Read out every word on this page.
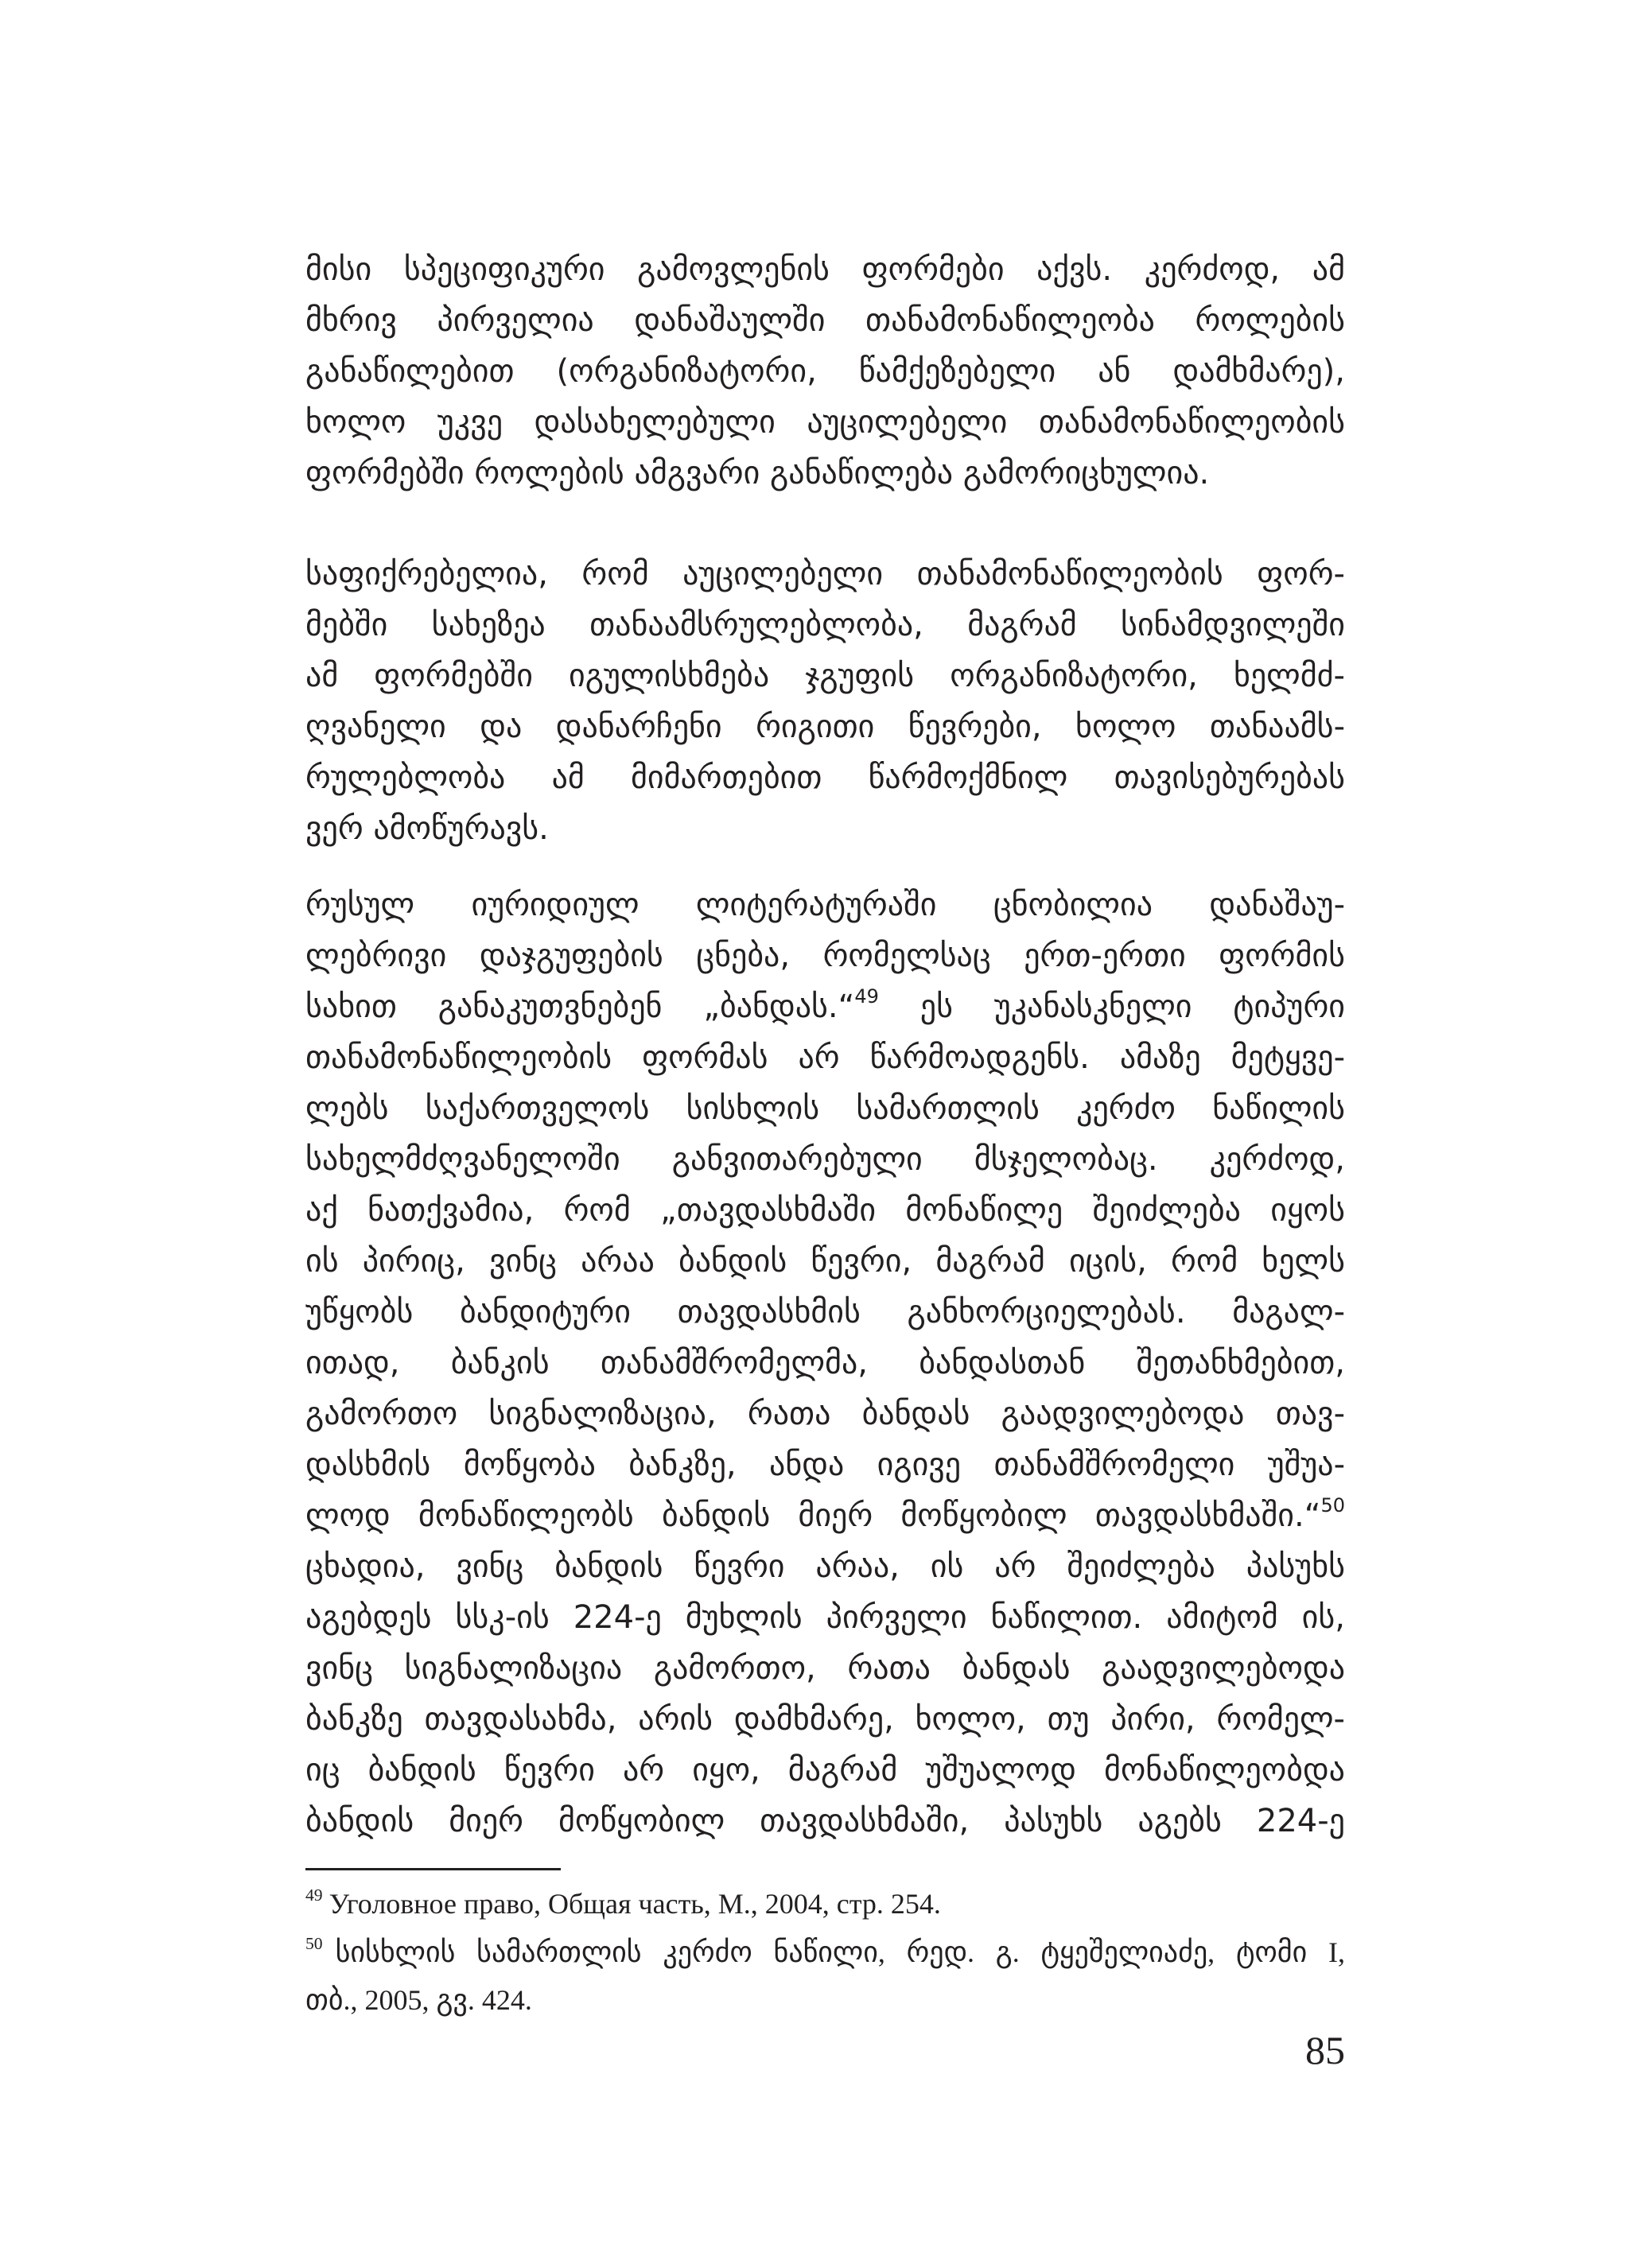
მისი სპეციფიკური გამოვლენის ფორმები აქვს. კერძოდ, ამ
მხრივ პირველია დანაშაულში თანამონაწილეობა როლების
განაწილებით (ორგანიზატორი, წამქეზებელი ან დამხმარე),
ხოლო უკვე დასახელებული აუცილებელი თანამონაწილეობის
ფორმებში როლების ამგვარი განაწილება გამორიცხულია.
საფიქრებელია, რომ აუცილებელი თანამონაწილეობის ფორ-
მებში სახეზეა თანაამსრულებლობა, მაგრამ სინამდვილეში
ამ ფორმებში იგულისხმება ჯგუფის ორგანიზატორი, ხელმძ-
ღვანელი და დანარჩენი რიგითი წევრები, ხოლო თანაამს-
რულებლობა ამ მიმართებით წარმოქმნილ თავისებურებას
ვერ ამოწურავს.
რუსულ იურიდიულ ლიტერატურაში ცნობილია დანაშაუ-
ლებრივი დაჯგუფების ცნება, რომელსაც ერთ-ერთი ფორმის
სახით განაკუთვნებენ „ბანდას.“$^{49}$ ეს უკანასკნელი ტიპური
თანამონაწილეობის ფორმას არ წარმოადგენს. ამაზე მეტყვე-
ლებს საქართველოს სისხლის სამართლის კერძო ნაწილის
სახელმძღვანელოში განვითარებული მსჯელობაც. კერძოდ,
აქ ნათქვამია, რომ „თავდასხმაში მონაწილე შეიძლება იყოს
ის პირიც, ვინც არაა ბანდის წევრი, მაგრამ იცის, რომ ხელს
უწყობს ბანდიტური თავდასხმის განხორციელებას. მაგალ-
ითად, ბანკის თანამშრომელმა, ბანდასთან შეთანხმებით,
გამორთო სიგნალიზაცია, რათა ბანდას გაადვილებოდა თავ-
დასხმის მოწყობა ბანკზე, ანდა იგივე თანამშრომელი უშუა-
ლოდ მონაწილეობს ბანდის მიერ მოწყობილ თავდასხმაში.“$^{50}$
ცხადია, ვინც ბანდის წევრი არაა, ის არ შეიძლება პასუხს
აგებდეს სსკ-ის 224-ე მუხლის პირველი ნაწილით. ამიტომ ის,
ვინც სიგნალიზაცია გამორთო, რათა ბანდას გაადვილებოდა
ბანკზე თავდასახმა, არის დამხმარე, ხოლო, თუ პირი, რომელ-
იც ბანდის წევრი არ იყო, მაგრამ უშუალოდ მონაწილეობდა
ბანდის მიერ მოწყობილ თავდასხმაში, პასუხს აგებს 224-ე
$^{49}$ Уголовное право, Общая часть, М., 2004, стр. 254.
$^{50}$ სისხლის სამართლის კერძო ნაწილი, რედ. გ. ტყეშელიაძე, ტომი I,
თბ., 2005, გვ. 424.
85
